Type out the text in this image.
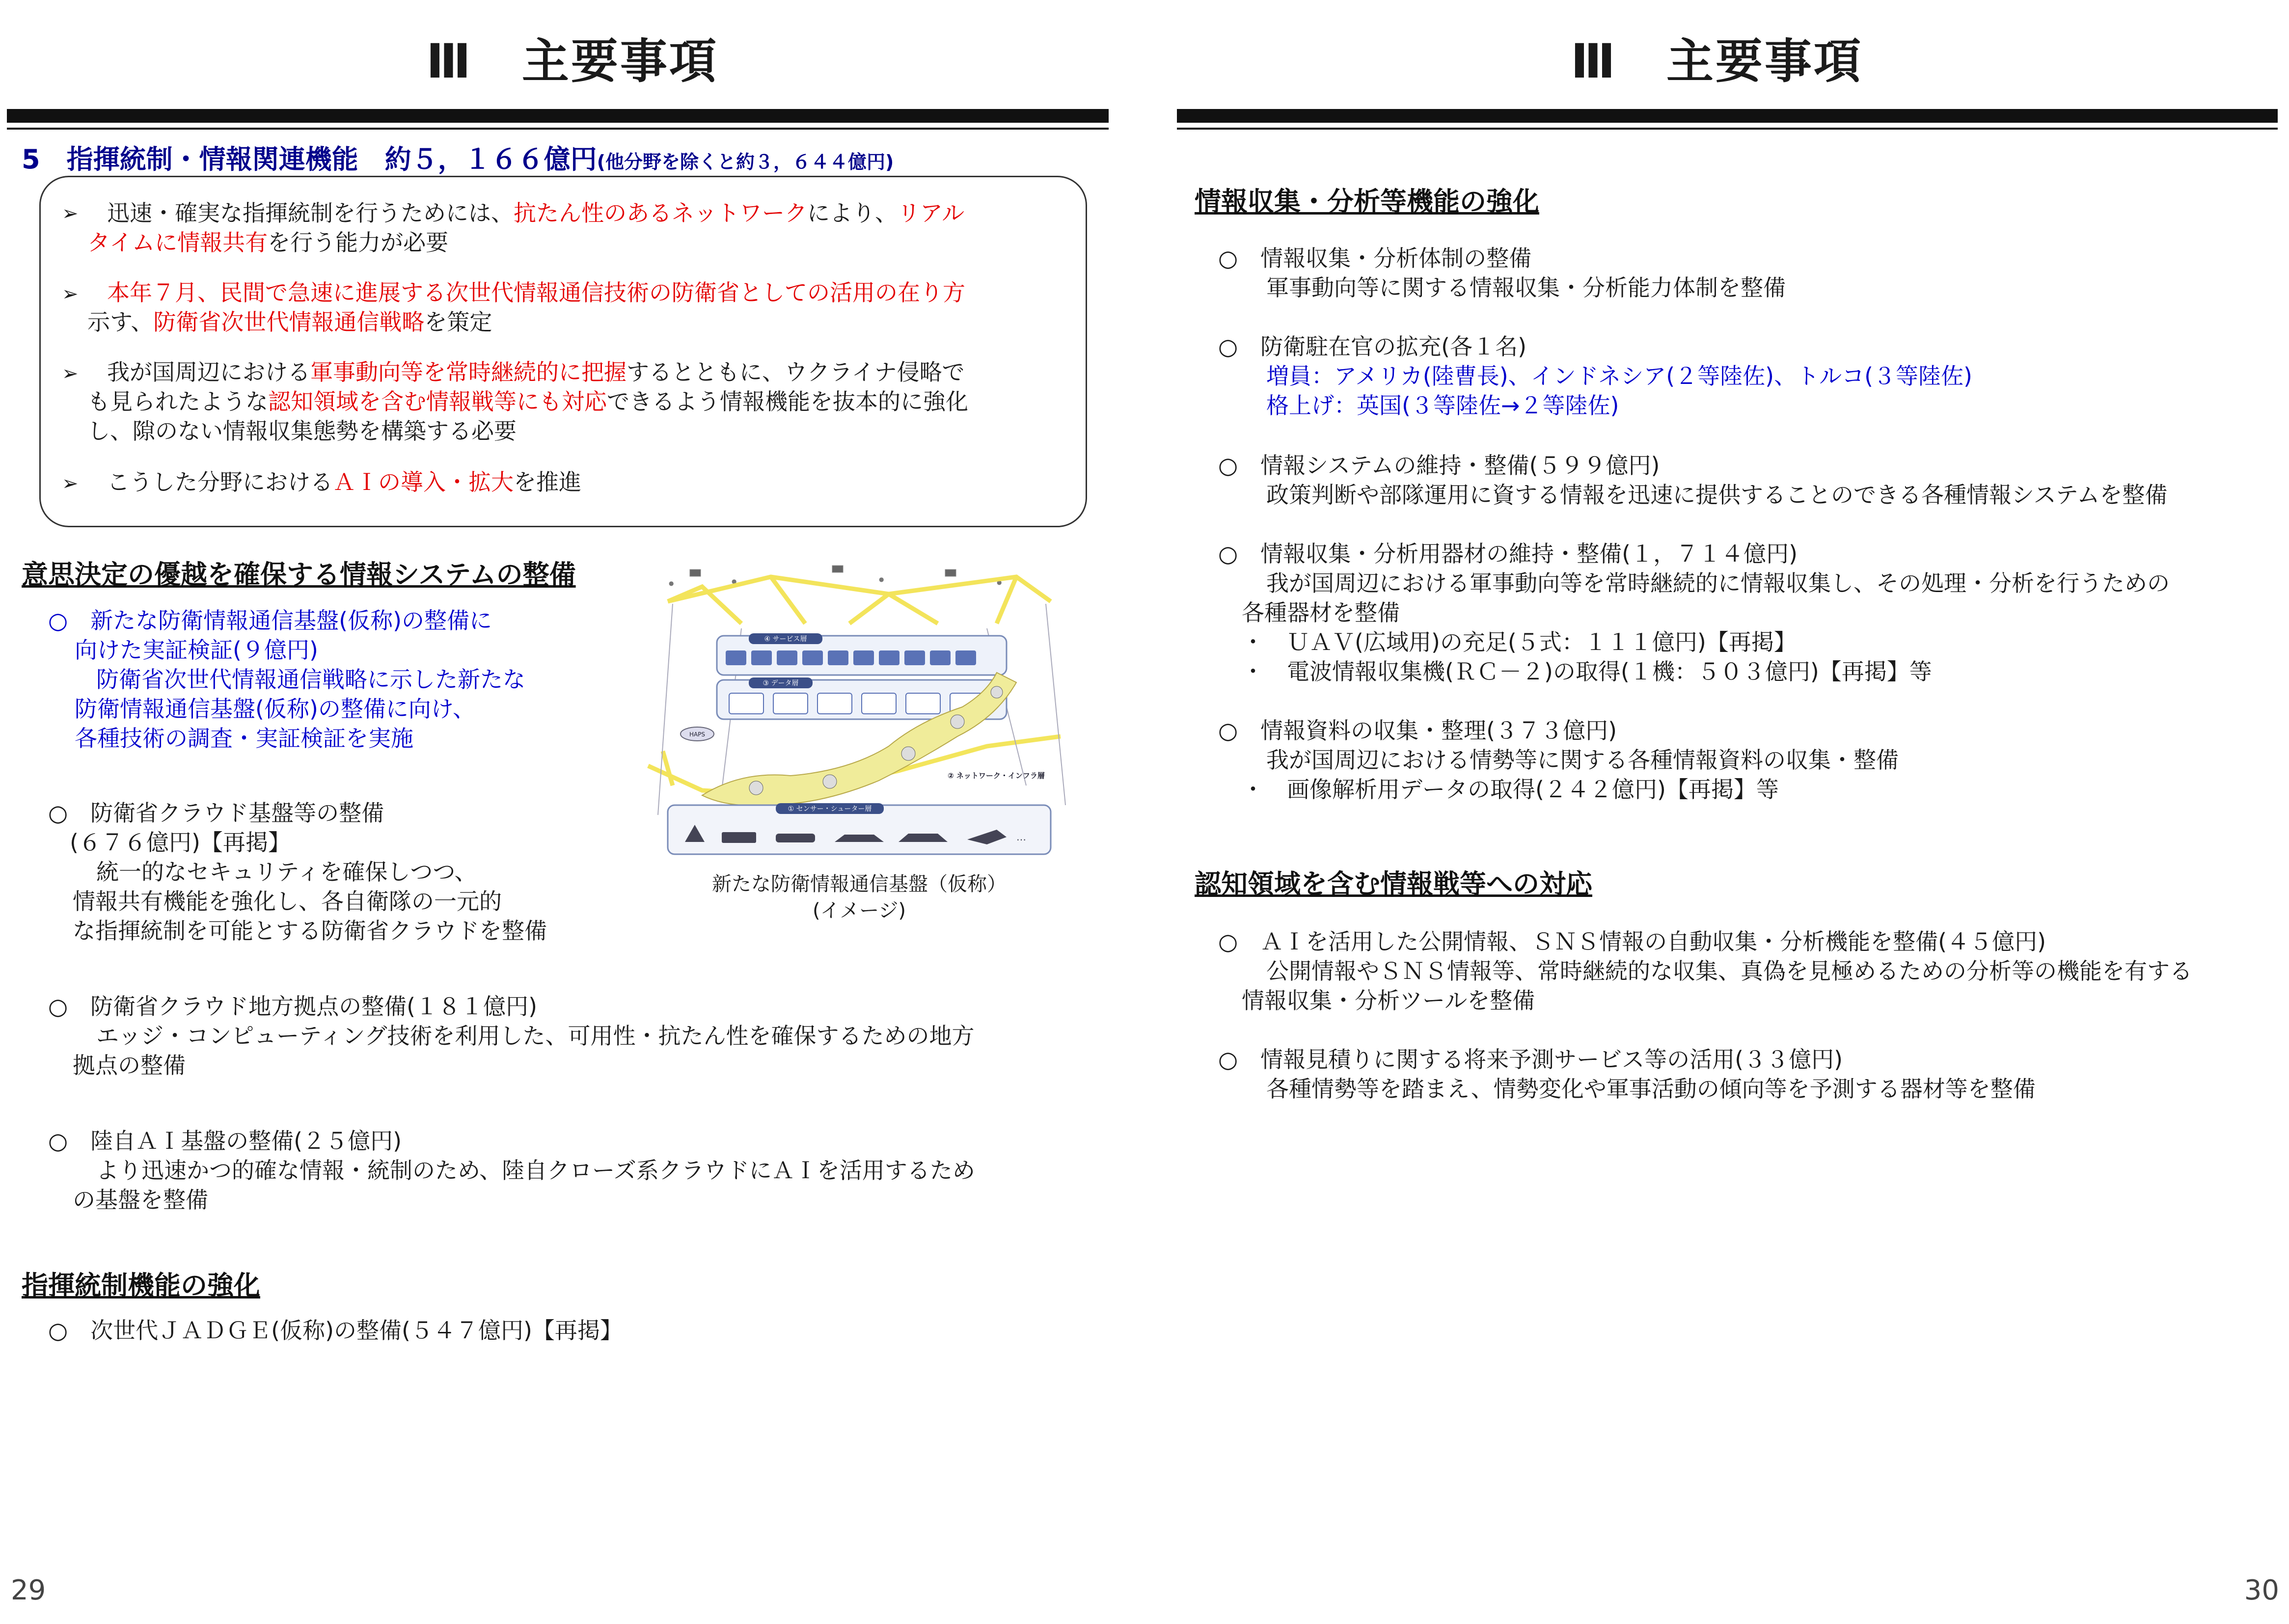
Ⅲ　主要事項
5　指揮統制・情報関連機能　約５，１６６億円(他分野を除くと約３，６４４億円)
➢ 迅速・確実な指揮統制を行うためには、抗たん性のあるネットワークにより、リアル
タイムに情報共有を行う能力が必要
➢ 本年７月、民間で急速に進展する次世代情報通信技術の防衛省としての活用の在り方
示す、防衛省次世代情報通信戦略を策定
➢ 我が国周辺における軍事動向等を常時継続的に把握するとともに、ウクライナ侵略で
も見られたような認知領域を含む情報戦等にも対応できるよう情報機能を抜本的に強化
し、隙のない情報収集態勢を構築する必要
➢ こうした分野におけるＡＩの導入・拡大を推進
意思決定の優越を確保する情報システムの整備
○　新たな防衛情報通信基盤(仮称)の整備に
向けた実証検証(９億円)
防衛省次世代情報通信戦略に示した新たな
防衛情報通信基盤(仮称)の整備に向け、
各種技術の調査・実証検証を実施
○　防衛省クラウド基盤等の整備
(６７６億円)【再掲】
統一的なセキュリティを確保しつつ、
情報共有機能を強化し、各自衛隊の一元的
な指揮統制を可能とする防衛省クラウドを整備
○　防衛省クラウド地方拠点の整備(１８１億円)
エッジ・コンピューティング技術を利用した、可用性・抗たん性を確保するための地方
拠点の整備
○　陸自ＡＩ基盤の整備(２５億円)
より迅速かつ的確な情報・統制のため、陸自クローズ系クラウドにＡＩを活用するため
の基盤を整備
●	●	●	●
④ サービス層
③ データ層
HAPS
② ネットワーク・インフラ層
① センサー・シューター層
…
新たな防衛情報通信基盤（仮称）
(イメージ)
指揮統制機能の強化
○　次世代ＪＡＤＧＥ(仮称)の整備(５４７億円)【再掲】
29
Ⅲ　主要事項
情報収集・分析等機能の強化
○　情報収集・分析体制の整備
軍事動向等に関する情報収集・分析能力体制を整備
○　防衛駐在官の拡充(各１名)
増員：アメリカ(陸曹長)、インドネシア(２等陸佐)、トルコ(３等陸佐)
格上げ：英国(３等陸佐→２等陸佐)
○　情報システムの維持・整備(５９９億円)
政策判断や部隊運用に資する情報を迅速に提供することのできる各種情報システムを整備
○　情報収集・分析用器材の維持・整備(１，７１４億円)
我が国周辺における軍事動向等を常時継続的に情報収集し、その処理・分析を行うための
各種器材を整備
・　ＵＡＶ(広域用)の充足(５式：１１１億円)【再掲】
・　電波情報収集機(ＲＣ－２)の取得(１機：５０３億円)【再掲】等
○　情報資料の収集・整理(３７３億円)
我が国周辺における情勢等に関する各種情報資料の収集・整備
・　画像解析用データの取得(２４２億円)【再掲】等
認知領域を含む情報戦等への対応
○　ＡＩを活用した公開情報、ＳＮＳ情報の自動収集・分析機能を整備(４５億円)
公開情報やＳＮＳ情報等、常時継続的な収集、真偽を見極めるための分析等の機能を有する
情報収集・分析ツールを整備
○　情報見積りに関する将来予測サービス等の活用(３３億円)
各種情勢等を踏まえ、情勢変化や軍事活動の傾向等を予測する器材等を整備
30
